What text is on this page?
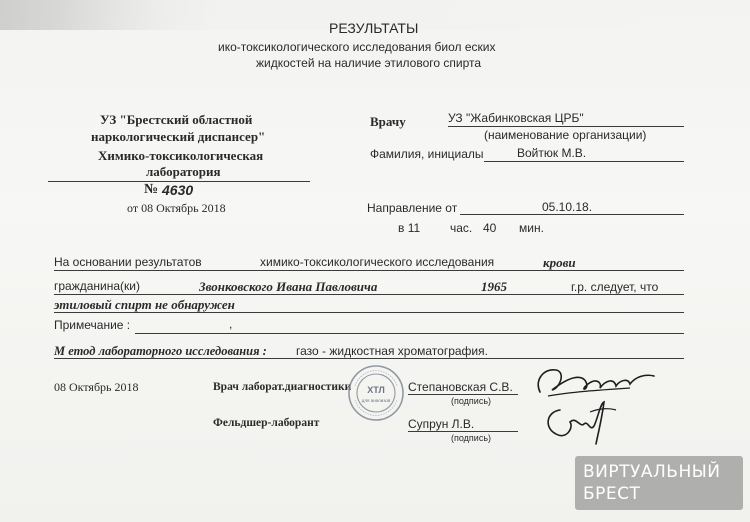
РЕЗУЛЬТАТЫ
ико-токсикологического исследования биол еских
жидкостей на наличие этилового спирта
УЗ "Брестский областной
наркологический диспансер"
Химико-токсикологическая
лаборатория
№ 4630
от 08 Октябрь 2018
Врачу	УЗ "Жабинковская ЦРБ"
(наименование организации)
Фамилия, инициалы	Войтюк М.В.
Направление от	05.10.18.
в 11 час. 40 мин.
На основании результатов	химико-токсикологического исследования	крови
гражданина(ки)	Звонковского Ивана Павловича	1965	г.р. следует, что
этиловый спирт не обнаружен
Примечание :	,
М етод лабораторного исследования : газо - жидкостная хроматография.
08 Октябрь 2018	Врач лаборат.диагностики	Степановская С.В.
(подпись)
Фельдшер-лаборант	Супрун Л.В.
(подпись)
ХТЛ
для анализов
ВИРТУАЛЬНЫЙ
БРЕСТ
